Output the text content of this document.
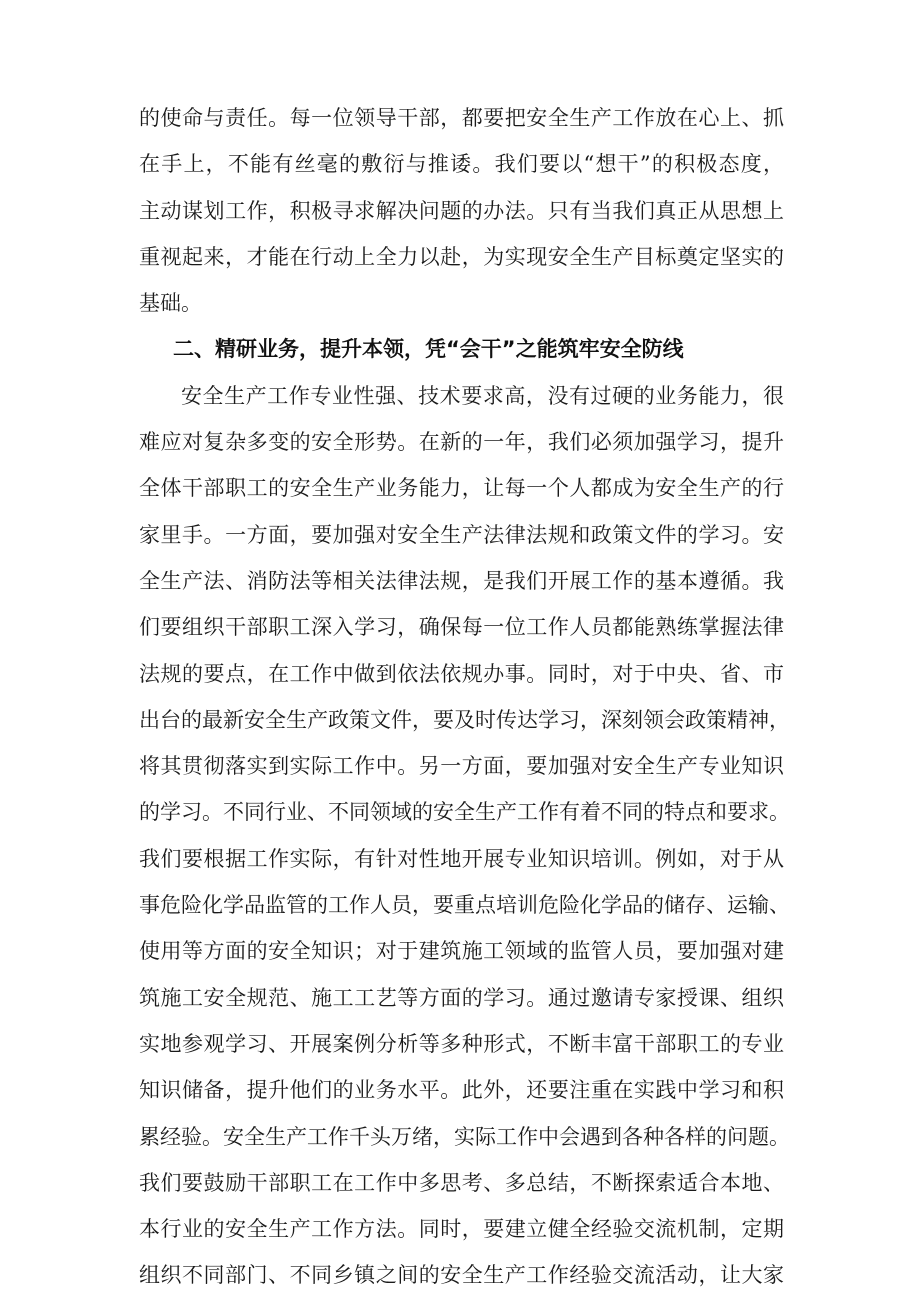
的使命与责任。每一位领导干部，都要把安全生产工作放在心上、抓
在手上，不能有丝毫的敷衍与推诿。我们要以“想干”的积极态度，
主动谋划工作，积极寻求解决问题的办法。只有当我们真正从思想上
重视起来，才能在行动上全力以赴，为实现安全生产目标奠定坚实的
基础。

二、精研业务，提升本领，凭“会干”之能筑牢安全防线

安全生产工作专业性强、技术要求高，没有过硬的业务能力，很
难应对复杂多变的安全形势。在新的一年，我们必须加强学习，提升
全体干部职工的安全生产业务能力，让每一个人都成为安全生产的行
家里手。一方面，要加强对安全生产法律法规和政策文件的学习。安
全生产法、消防法等相关法律法规，是我们开展工作的基本遵循。我
们要组织干部职工深入学习，确保每一位工作人员都能熟练掌握法律
法规的要点，在工作中做到依法依规办事。同时，对于中央、省、市
出台的最新安全生产政策文件，要及时传达学习，深刻领会政策精神，
将其贯彻落实到实际工作中。另一方面，要加强对安全生产专业知识
的学习。不同行业、不同领域的安全生产工作有着不同的特点和要求。
我们要根据工作实际，有针对性地开展专业知识培训。例如，对于从
事危险化学品监管的工作人员，要重点培训危险化学品的储存、运输、
使用等方面的安全知识；对于建筑施工领域的监管人员，要加强对建
筑施工安全规范、施工工艺等方面的学习。通过邀请专家授课、组织
实地参观学习、开展案例分析等多种形式，不断丰富干部职工的专业
知识储备，提升他们的业务水平。此外，还要注重在实践中学习和积
累经验。安全生产工作千头万绪，实际工作中会遇到各种各样的问题。
我们要鼓励干部职工在工作中多思考、多总结，不断探索适合本地、
本行业的安全生产工作方法。同时，要建立健全经验交流机制，定期
组织不同部门、不同乡镇之间的安全生产工作经验交流活动，让大家
